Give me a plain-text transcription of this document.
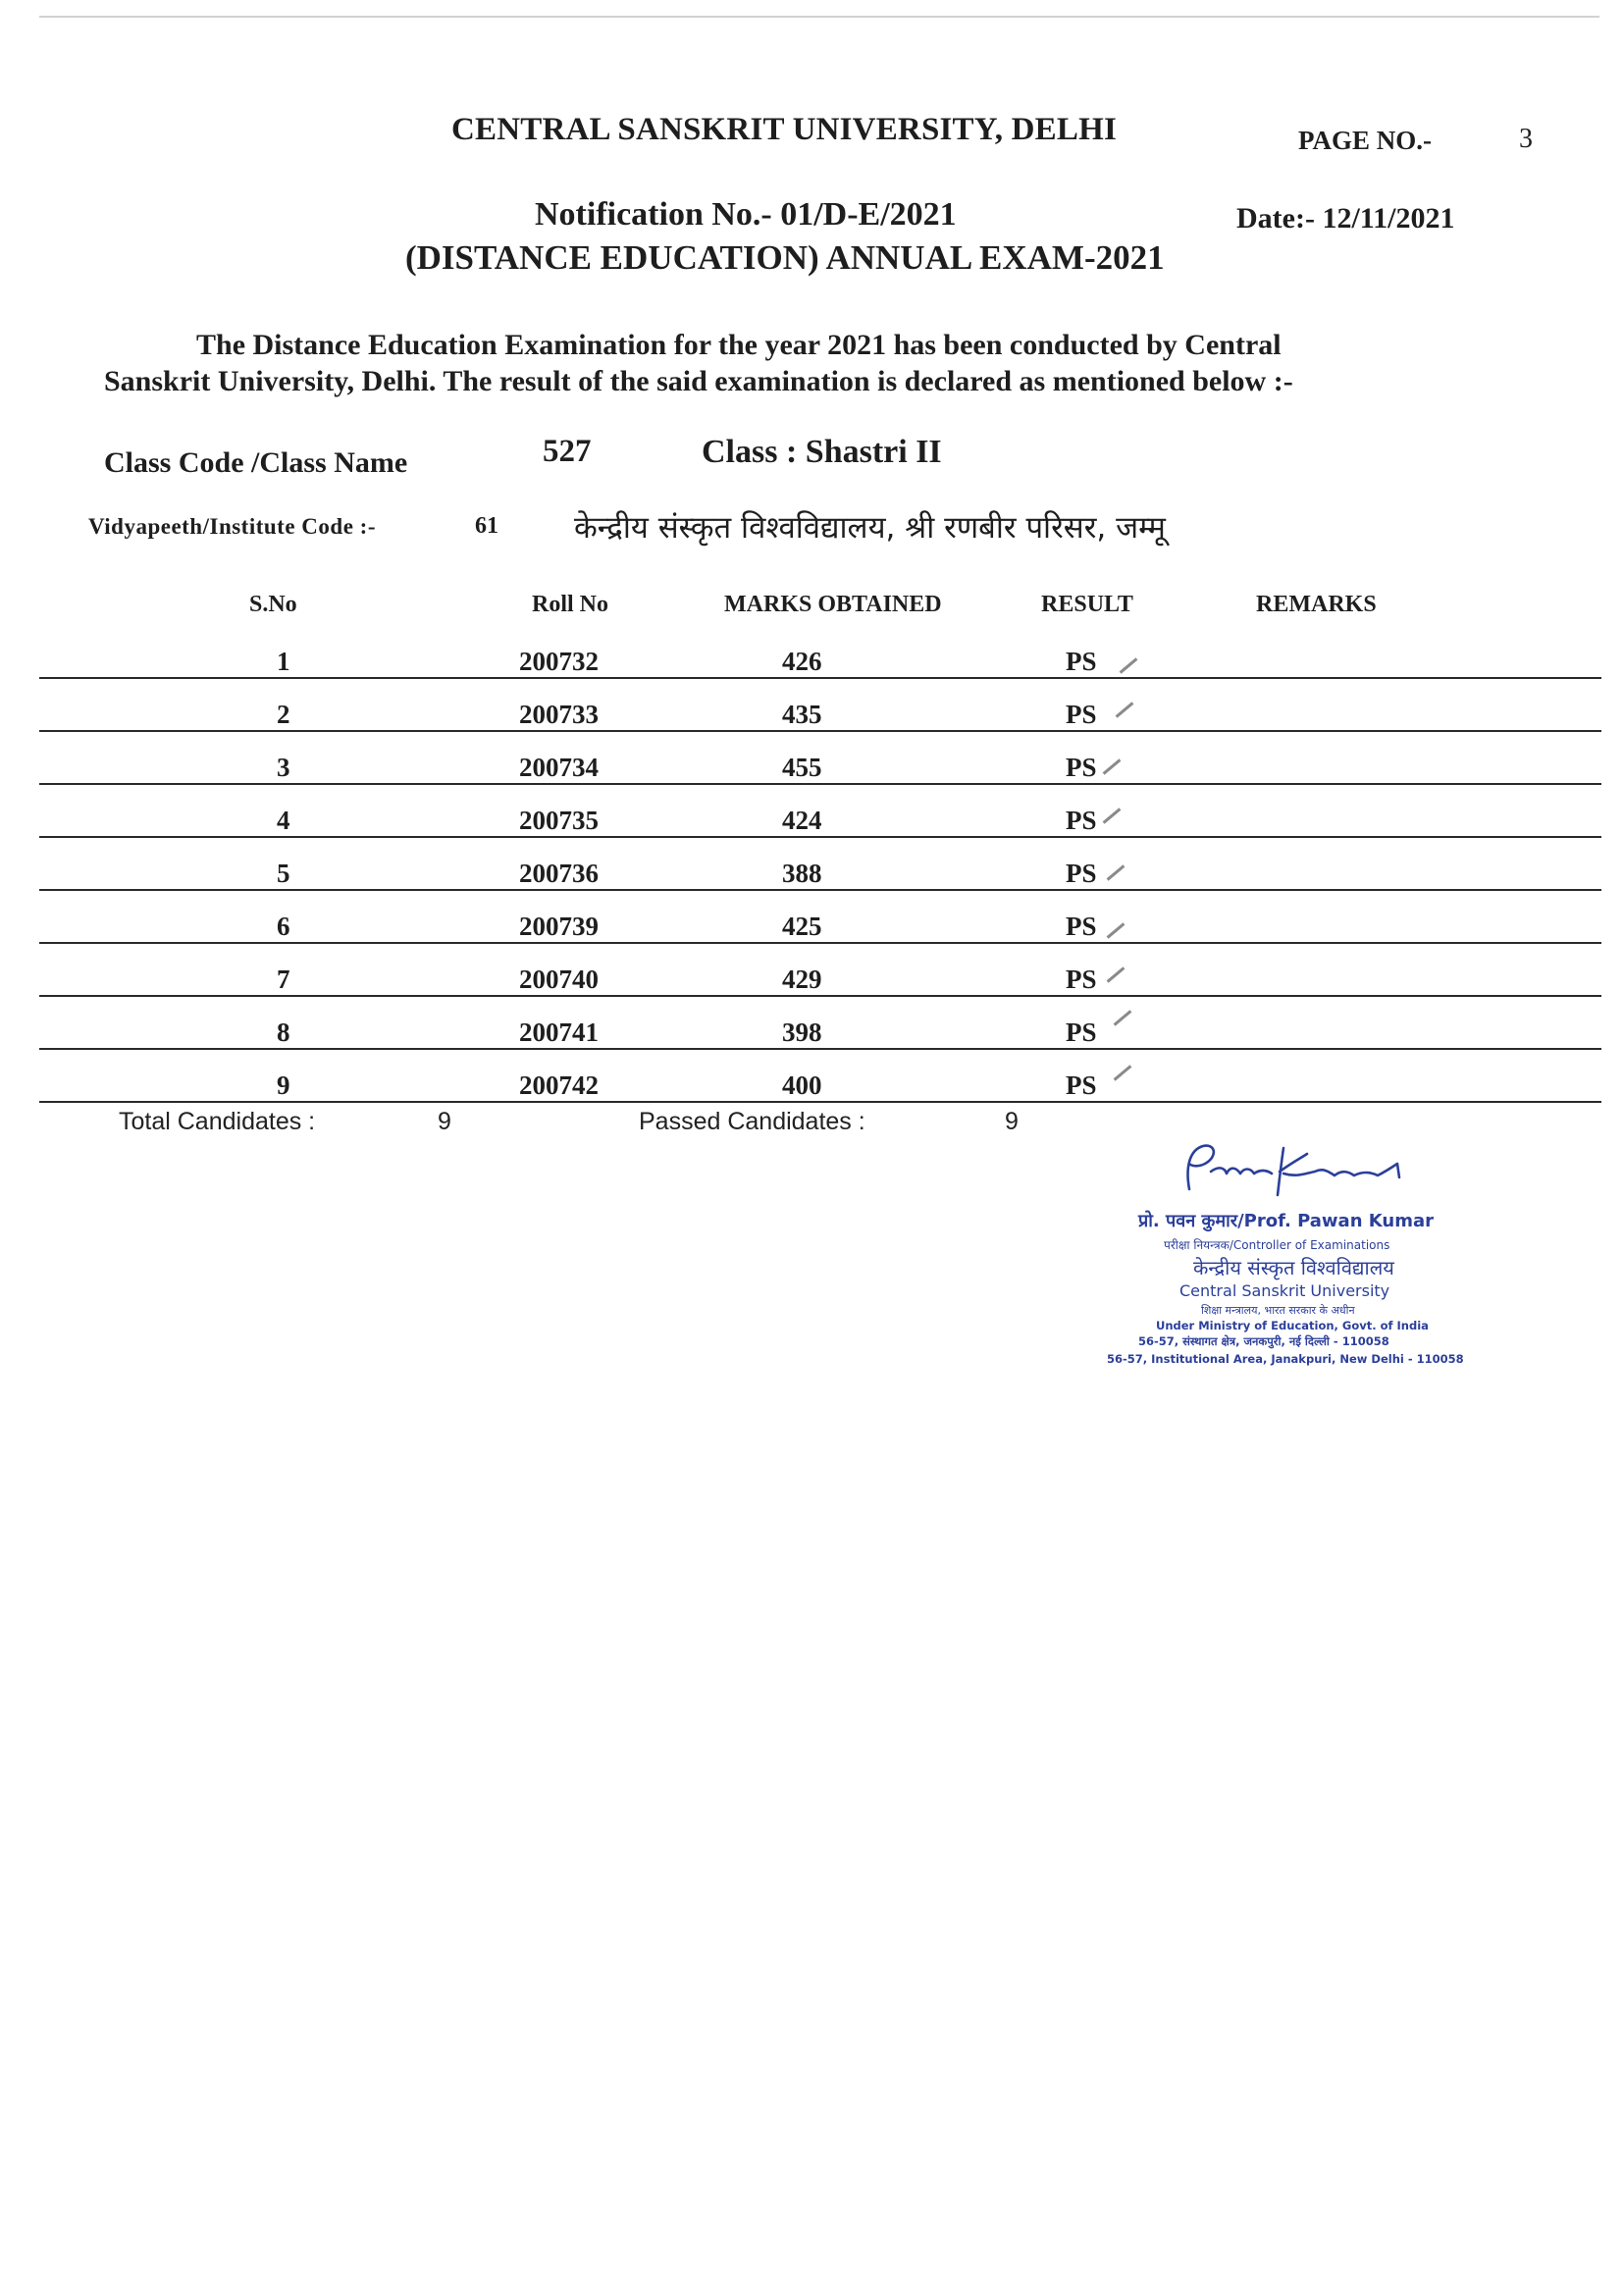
CENTRAL SANSKRIT UNIVERSITY, DELHI	PAGE NO.-	3
Notification No.- 01/D-E/2021	Date:- 12/11/2021
(DISTANCE EDUCATION) ANNUAL EXAM-2021
The Distance Education Examination for the year 2021 has been conducted by Central
Sanskrit University, Delhi. The result of the said examination is declared as mentioned below :-
Class Code /Class Name	527	Class : Shastri II
Vidyapeeth/Institute Code :-	61 केन्द्रीय संस्कृत विश्वविद्यालय, श्री रणबीर परिसर, जम्मू
S.No	Roll No	MARKS OBTAINED	RESULT	REMARKS
1	200732	426	PS
2	200733	435	PS
3	200734	455	PS
4	200735	424	PS
5	200736	388	PS
6	200739	425	PS
7	200740	429	PS
8	200741	398	PS
9	200742	400	PS
Total Candidates :	9	Passed Candidates :	9
प्रो. पवन कुमार/Prof. Pawan Kumar
परीक्षा नियन्त्रक/Controller of Examinations
केन्द्रीय संस्कृत विश्वविद्यालय
Central Sanskrit University
शिक्षा मन्त्रालय, भारत सरकार के अधीन
Under Ministry of Education, Govt. of India
56-57, संस्थागत क्षेत्र, जनकपुरी, नई दिल्ली - 110058
56-57, Institutional Area, Janakpuri, New Delhi - 110058
